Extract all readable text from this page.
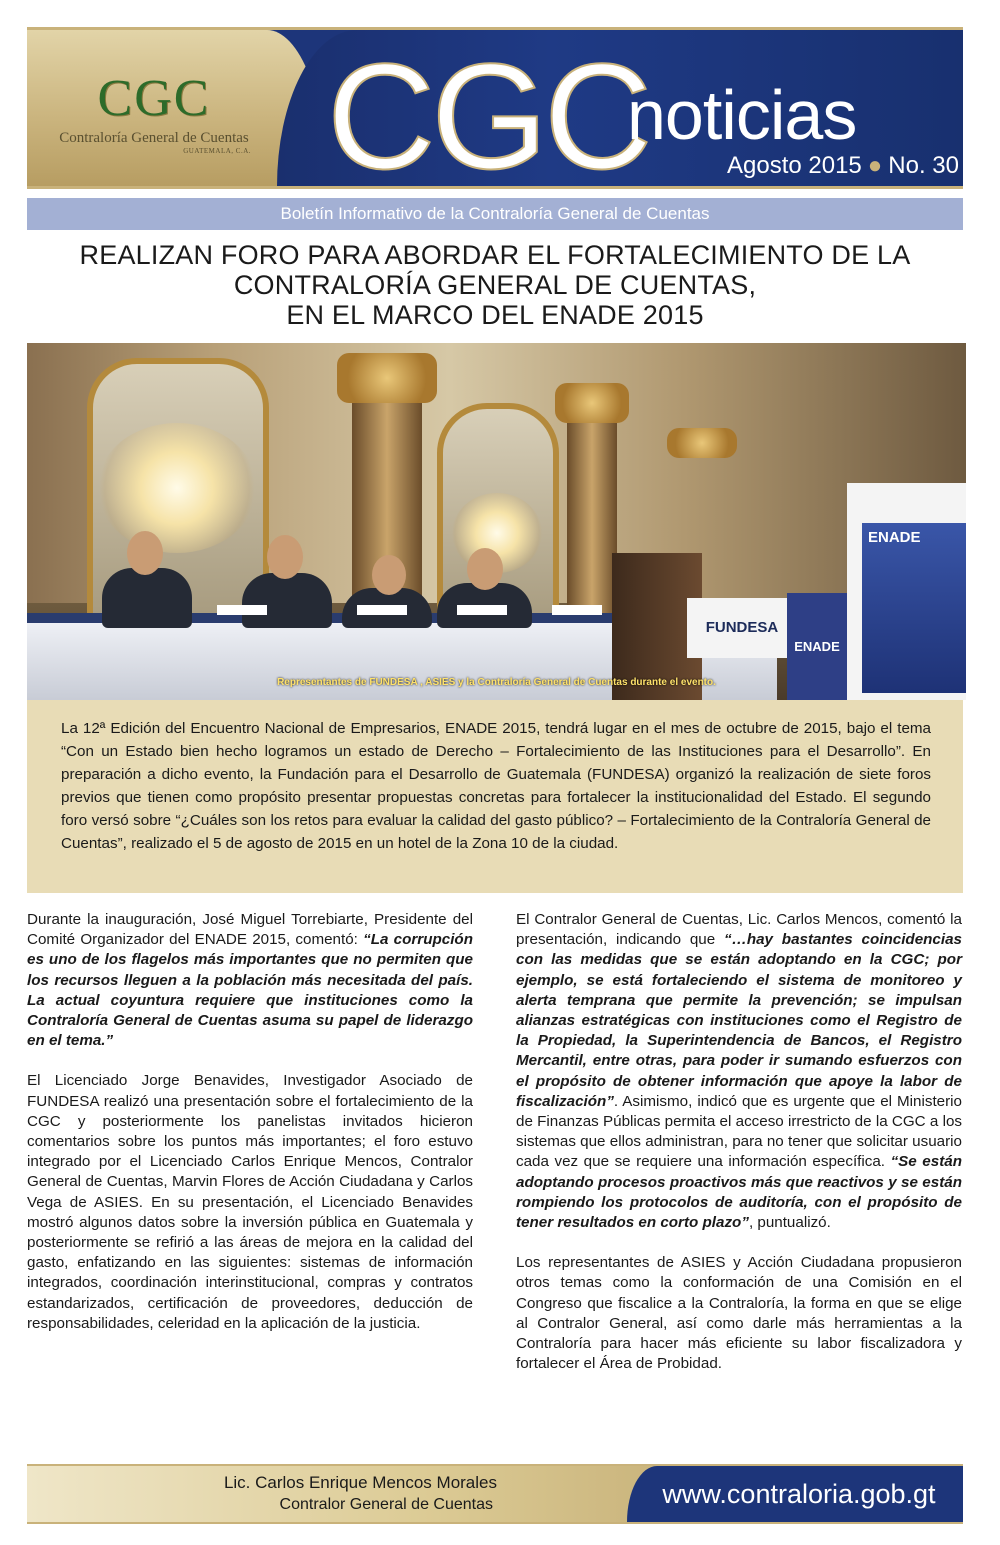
CGC
Contraloría General de Cuentas
GUATEMALA, C.A. CGC
noticias
Agosto 2015 ● No. 30
Boletín Informativo de la Contraloría General de Cuentas
REALIZAN FORO PARA ABORDAR EL FORTALECIMIENTO DE LA
CONTRALORÍA GENERAL DE CUENTAS,
EN EL MARCO DEL ENADE 2015
FUNDESA
ENADE
ENADE
Representantes de FUNDESA , ASIES y la Contraloría General de Cuentas durante el evento.
La 12ª Edición del Encuentro Nacional de Empresarios, ENADE 2015, tendrá lugar en el mes de octubre de 2015, bajo el tema “Con un Estado bien hecho logramos un estado de Derecho – Fortalecimiento de las Instituciones para el Desarrollo”. En preparación a dicho evento, la Fundación para el Desarrollo de Guatemala (FUNDESA) organizó la realización de siete foros previos que tienen como propósito presentar propuestas concretas para fortalecer la institucionalidad del Estado. El segundo foro versó sobre “¿Cuáles son los retos para evaluar la calidad del gasto público? – Fortalecimiento de la Contraloría General de Cuentas”, realizado el 5 de agosto de 2015 en un hotel de la Zona 10 de la ciudad.

Durante la inauguración, José Miguel Torrebiarte, Presidente del Comité Organizador del ENADE 2015, comentó: “La corrupción es uno de los flagelos más importantes que no permiten que los recursos lleguen a la población más necesitada del país. La actual coyuntura requiere que instituciones como la Contraloría General de Cuentas asuma su papel de liderazgo en el tema.”

El Licenciado Jorge Benavides, Investigador Asociado de FUNDESA realizó una presentación sobre el fortalecimiento de la CGC y posteriormente los panelistas invitados hicieron comentarios sobre los puntos más importantes; el foro estuvo integrado por el Licenciado Carlos Enrique Mencos, Contralor General de Cuentas, Marvin Flores de Acción Ciudadana y Carlos Vega de ASIES. En su presentación, el Licenciado Benavides mostró algunos datos sobre la inversión pública en Guatemala y posteriormente se refirió a las áreas de mejora en la calidad del gasto, enfatizando en las siguientes: sistemas de información integrados, coordinación interinstitucional, compras y contratos estandarizados, certificación de proveedores, deducción de responsabilidades, celeridad en la aplicación de la justicia.

El Contralor General de Cuentas, Lic. Carlos Mencos, comentó la presentación, indicando que “…hay bastantes coincidencias con las medidas que se están adoptando en la CGC; por ejemplo, se está fortaleciendo el sistema de monitoreo y alerta temprana que permite la prevención; se impulsan alianzas estratégicas con instituciones como el Registro de la Propiedad, la Superintendencia de Bancos, el Registro Mercantil, entre otras, para poder ir sumando esfuerzos con el propósito de obtener información que apoye la labor de fiscalización”. Asimismo, indicó que es urgente que el Ministerio de Finanzas Públicas permita el acceso irrestricto de la CGC a los sistemas que ellos administran, para no tener que solicitar usuario cada vez que se requiere una información específica. “Se están adoptando procesos proactivos más que reactivos y se están rompiendo los protocolos de auditoría, con el propósito de tener resultados en corto plazo”, puntualizó.

Los representantes de ASIES y Acción Ciudadana propusieron otros temas como la conformación de una Comisión en el Congreso que fiscalice a la Contraloría, la forma en que se elige al Contralor General, así como darle más herramientas a la Contraloría para hacer más eficiente su labor fiscalizadora y fortalecer el Área de Probidad.

Lic. Carlos Enrique Mencos Morales
Contralor General de Cuentas	www.contraloria.gob.gt
